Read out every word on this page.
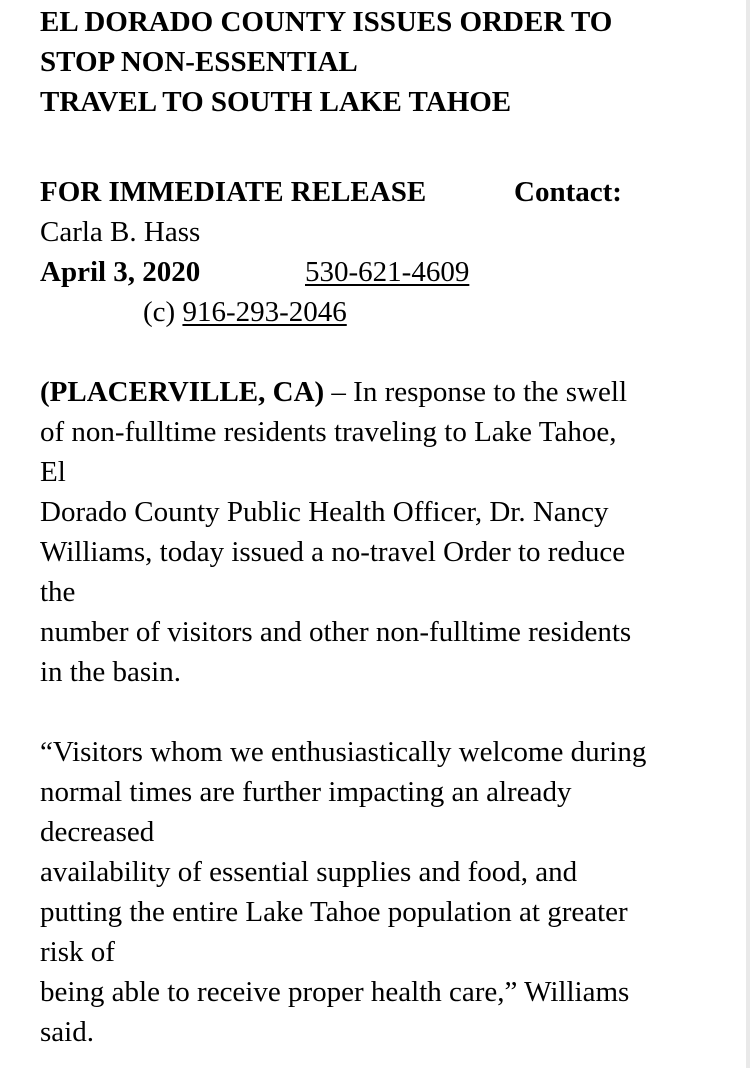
EL DORADO COUNTY ISSUES ORDER TO
STOP NON-ESSENTIAL
TRAVEL TO SOUTH LAKE TAHOE
FOR IMMEDIATE RELEASE	Contact:
Carla B. Hass
April 3, 2020	530-621-4609
(c) 916-293-2046
(PLACERVILLE, CA) – In response to the swell
of non-fulltime residents traveling to Lake Tahoe,
El
Dorado County Public Health Officer, Dr. Nancy
Williams, today issued a no-travel Order to reduce
the
number of visitors and other non-fulltime residents
in the basin.
“Visitors whom we enthusiastically welcome during
normal times are further impacting an already
decreased
availability of essential supplies and food, and
putting the entire Lake Tahoe population at greater
risk of
being able to receive proper health care,” Williams
said.
